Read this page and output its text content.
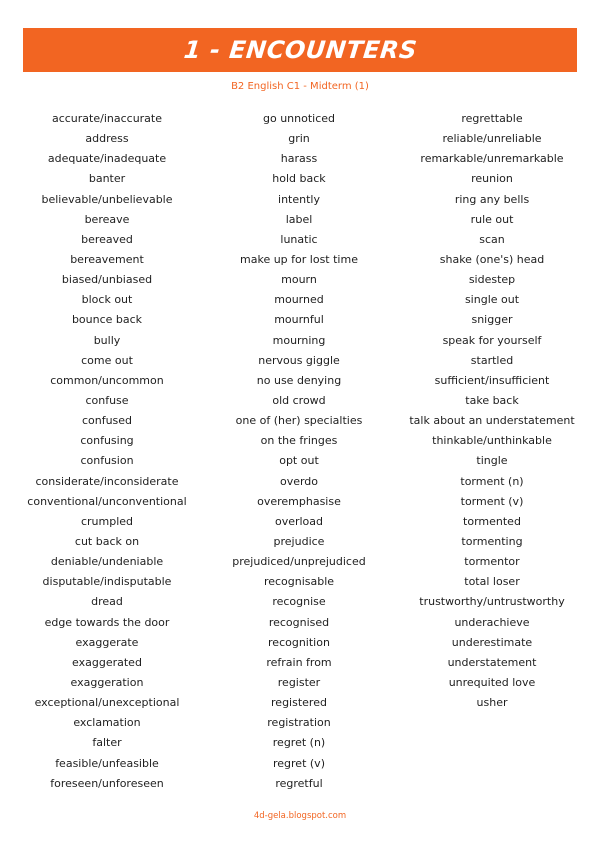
1 - ENCOUNTERS
B2 English C1 - Midterm (1)
accurate/inaccurate
address
adequate/inadequate
banter
believable/unbelievable
bereave
bereaved
bereavement
biased/unbiased
block out
bounce back
bully
come out
common/uncommon
confuse
confused
confusing
confusion
considerate/inconsiderate
conventional/unconventional
crumpled
cut back on
deniable/undeniable
disputable/indisputable
dread
edge towards the door
exaggerate
exaggerated
exaggeration
exceptional/unexceptional
exclamation
falter
feasible/unfeasible
foreseen/unforeseen
go unnoticed
grin
harass
hold back
intently
label
lunatic
make up for lost time
mourn
mourned
mournful
mourning
nervous giggle
no use denying
old crowd
one of (her) specialties
on the fringes
opt out
overdo
overemphasise
overload
prejudice
prejudiced/unprejudiced
recognisable
recognise
recognised
recognition
refrain from
register
registered
registration
regret (n)
regret (v)
regretful
regrettable
reliable/unreliable
remarkable/unremarkable
reunion
ring any bells
rule out
scan
shake (one's) head
sidestep
single out
snigger
speak for yourself
startled
sufficient/insufficient
take back
talk about an understatement
thinkable/unthinkable
tingle
torment (n)
torment (v)
tormented
tormenting
tormentor
total loser
trustworthy/untrustworthy
underachieve
underestimate
understatement
unrequited love
usher
4d-gela.blogspot.com
